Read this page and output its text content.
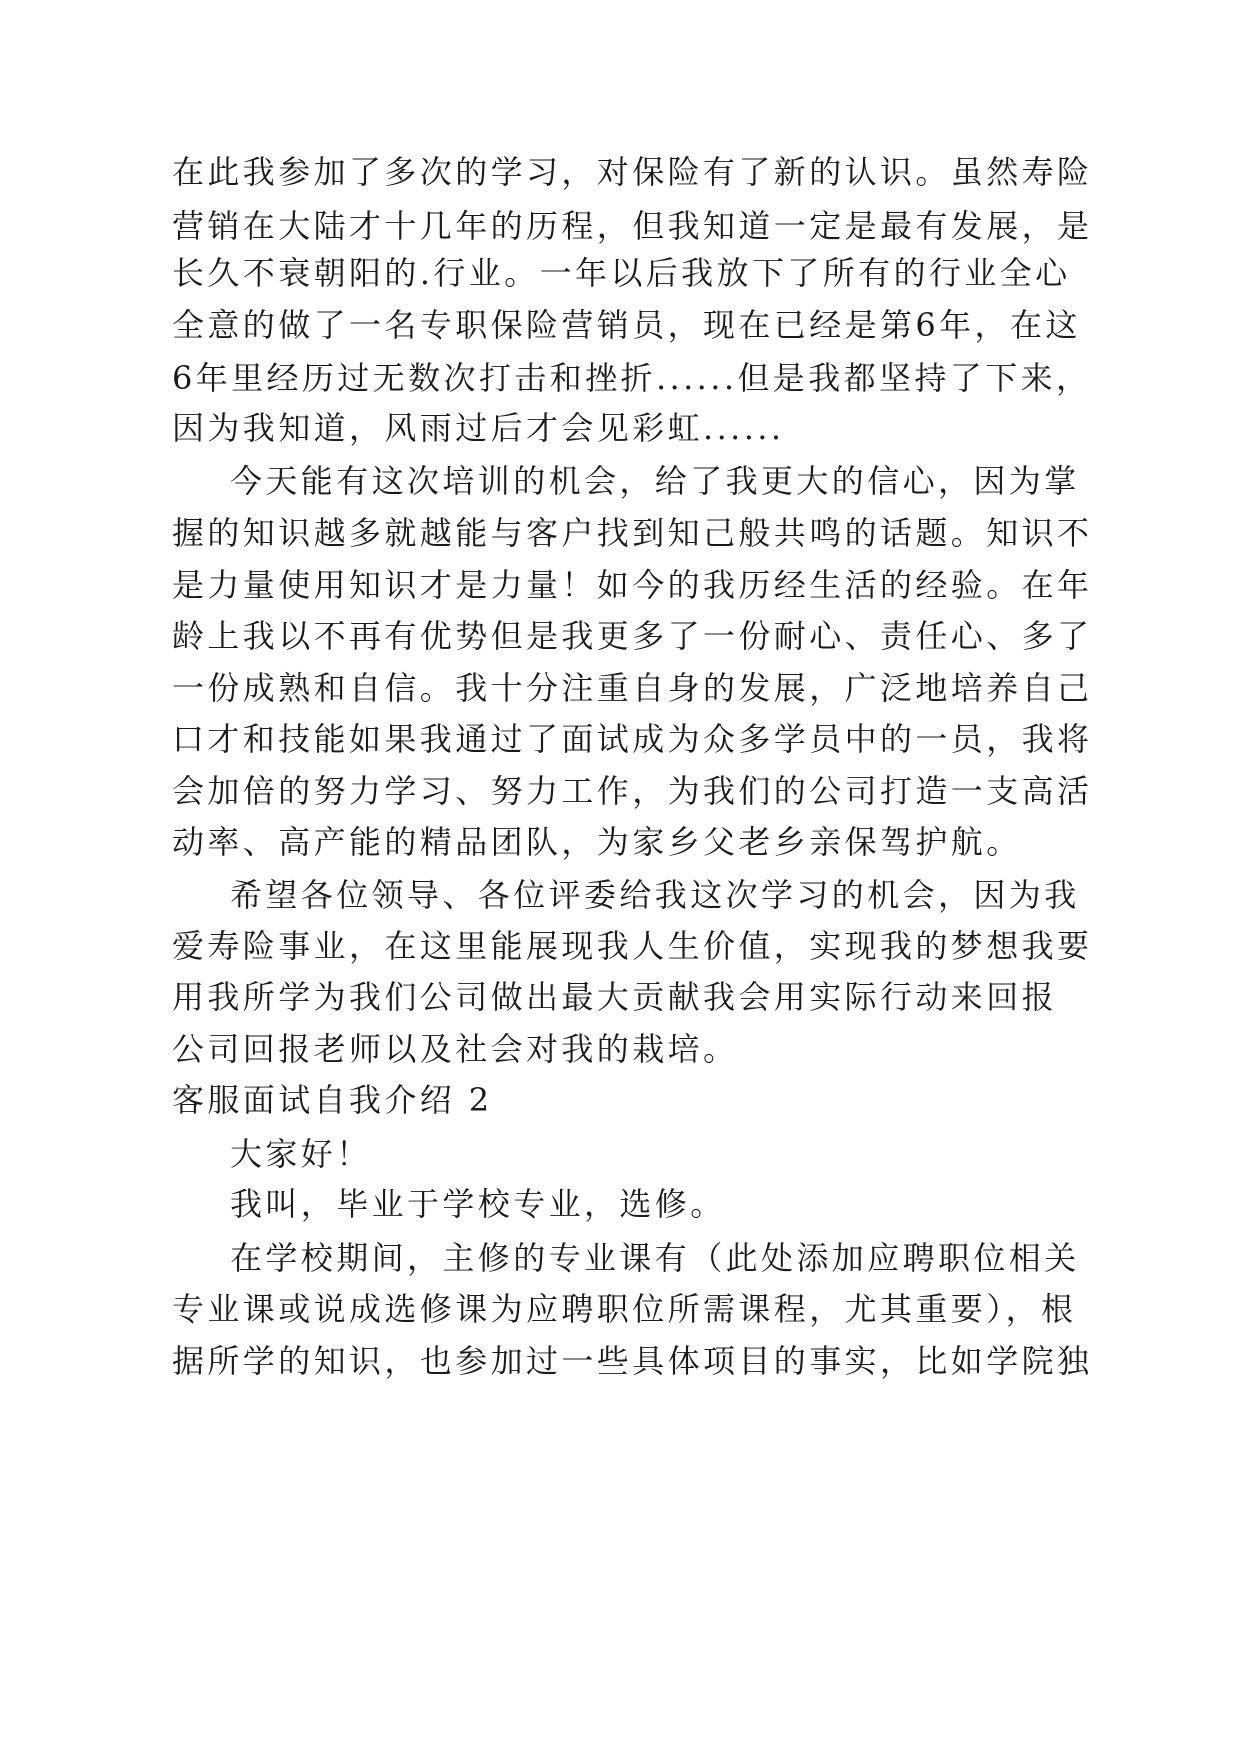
在此我参加了多次的学习，对保险有了新的认识。虽然寿险
营销在大陆才十几年的历程，但我知道一定是最有发展，是
长久不衰朝阳的.行业。一年以后我放下了所有的行业全心
全意的做了一名专职保险营销员，现在已经是第6年，在这
6年里经历过无数次打击和挫折......但是我都坚持了下来，
因为我知道，风雨过后才会见彩虹......
今天能有这次培训的机会，给了我更大的信心，因为掌
握的知识越多就越能与客户找到知己般共鸣的话题。知识不
是力量使用知识才是力量！如今的我历经生活的经验。在年
龄上我以不再有优势但是我更多了一份耐心、责任心、多了
一份成熟和自信。我十分注重自身的发展，广泛地培养自己
口才和技能如果我通过了面试成为众多学员中的一员，我将
会加倍的努力学习、努力工作，为我们的公司打造一支高活
动率、高产能的精品团队，为家乡父老乡亲保驾护航。
希望各位领导、各位评委给我这次学习的机会，因为我
爱寿险事业，在这里能展现我人生价值，实现我的梦想我要
用我所学为我们公司做出最大贡献我会用实际行动来回报
公司回报老师以及社会对我的栽培。
客服面试自我介绍 2
大家好！
我叫，毕业于学校专业，选修。
在学校期间，主修的专业课有（此处添加应聘职位相关
专业课或说成选修课为应聘职位所需课程，尤其重要），根
据所学的知识，也参加过一些具体项目的事实，比如学院独
